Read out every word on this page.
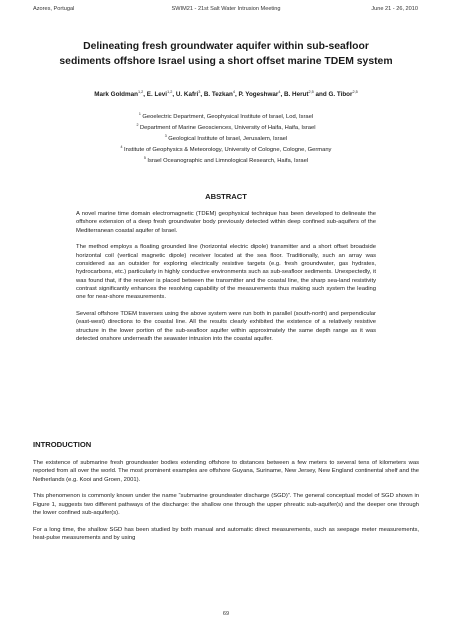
Azores, Portugal	SWIM21 - 21st Salt Water Intrusion Meeting	June 21 - 26, 2010
Delineating fresh groundwater aquifer within sub-seafloor
sediments offshore Israel using a short offset marine TDEM system
Mark Goldman$^{1,2}$, E. Levi$^{1,2}$, U. Kafri$^3$, B. Tezkan$^4$, P. Yogeshwar$^4$, B. Herut$^{2,5}$ and G. Tibor$^{2,5}$
$^1$ Geoelectric Department, Geophysical Institute of Israel, Lod, Israel
$^2$ Department of Marine Geosciences, University of Haifa, Haifa, Israel
$^3$ Geological Institute of Israel, Jerusalem, Israel
$^4$ Institute of Geophysics & Meteorology, University of Cologne, Cologne, Germany
$^5$ Israel Oceanographic and Limnological Research, Haifa, Israel
ABSTRACT

A novel marine time domain electromagnetic (TDEM) geophysical technique has been developed to delineate the offshore extension of a deep fresh groundwater body previously detected within deep confined sub-aquifers of the Mediterranean coastal aquifer of Israel.

The method employs a floating grounded line (horizontal electric dipole) transmitter and a short offset broadside horizontal coil (vertical magnetic dipole) receiver located at the sea floor. Traditionally, such an array was considered as an outsider for exploring electrically resistive targets (e.g. fresh groundwater, gas hydrates, hydrocarbons, etc.) particularly in highly conductive environments such as sub-seafloor sediments. Unexpectedly, it was found that, if the receiver is placed between the transmitter and the coastal line, the sharp sea-land resistivity contrast significantly enhances the resolving capability of the measurements thus making such system the leading one for near-shore measurements.

Several offshore TDEM traverses using the above system were run both in parallel (south-north) and perpendicular (east-west) directions to the coastal line. All the results clearly exhibited the existence of a relatively resistive structure in the lower portion of the sub-seafloor aquifer within approximately the same depth range as it was detected onshore underneath the seawater intrusion into the coastal aquifer.

INTRODUCTION

The existence of submarine fresh groundwater bodies extending offshore to distances between a few meters to several tens of kilometers was reported from all over the world. The most prominent examples are offshore Guyana, Suriname, New Jersey, New England continental shelf and the Netherlands (e.g. Kooi and Groen, 2001).

This phenomenon is commonly known under the name “submarine groundwater discharge (SGD)”. The general conceptual model of SGD shown in Figure 1, suggests two different pathways of the discharge: the shallow one through the upper phreatic sub-aquifer(s) and the deeper one through the lower confined sub-aquifer(s).

For a long time, the shallow SGD has been studied by both manual and automatic direct measurements, such as seepage meter measurements, heat-pulse measurements and by using

69
